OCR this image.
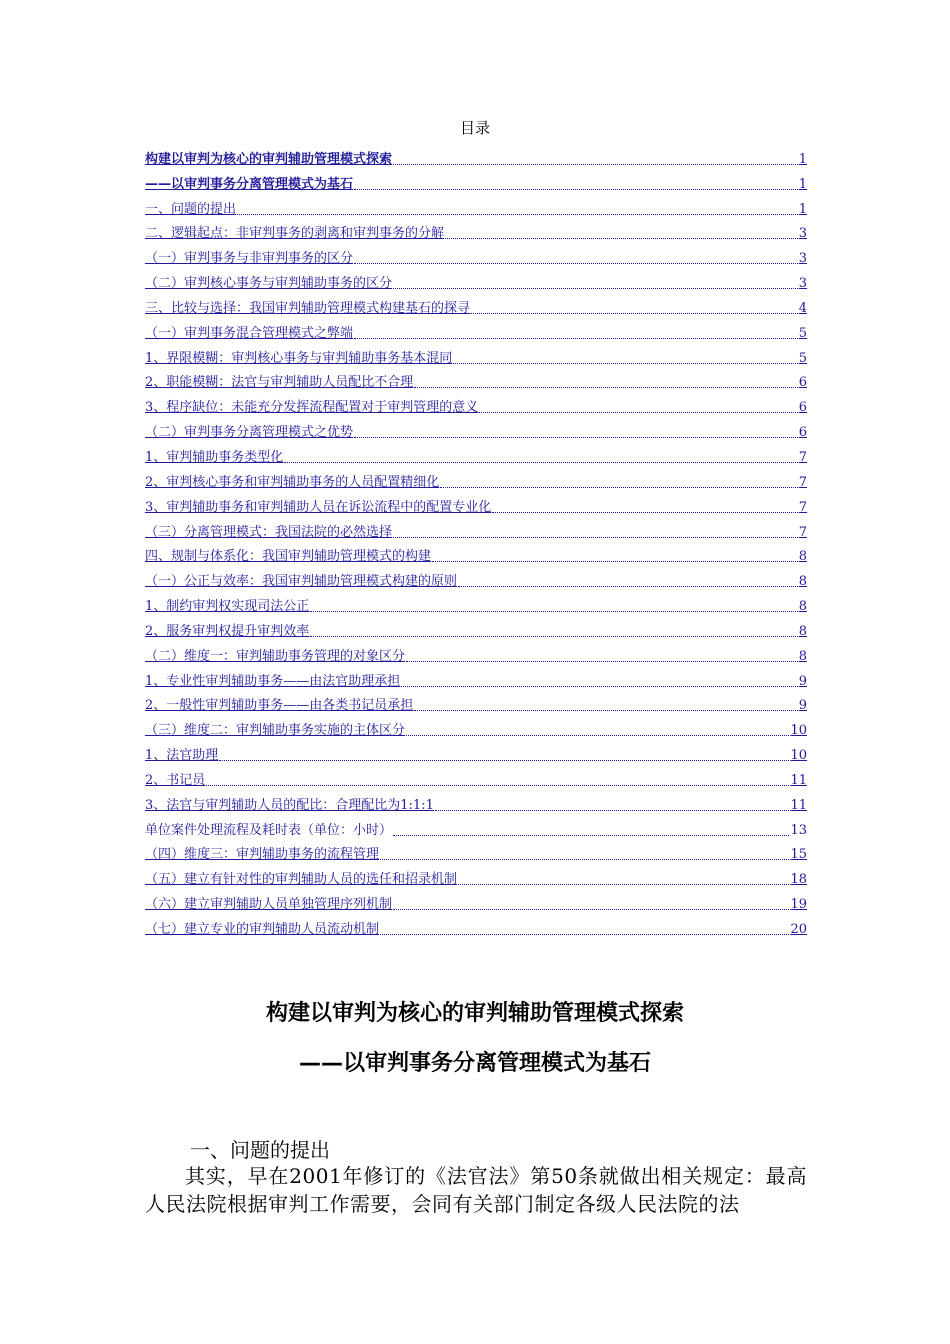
目录
构建以审判为核心的审判辅助管理模式探索	1
——以审判事务分离管理模式为基石	1
一、问题的提出	1
二、逻辑起点：非审判事务的剥离和审判事务的分解	3
（一）审判事务与非审判事务的区分	3
（二）审判核心事务与审判辅助事务的区分	3
三、比较与选择：我国审判辅助管理模式构建基石的探寻	4
（一）审判事务混合管理模式之弊端	5
1、界限模糊：审判核心事务与审判辅助事务基本混同	5
2、职能模糊：法官与审判辅助人员配比不合理	6
3、程序缺位：未能充分发挥流程配置对于审判管理的意义	6
（二）审判事务分离管理模式之优势	6
1、审判辅助事务类型化	7
2、审判核心事务和审判辅助事务的人员配置精细化	7
3、审判辅助事务和审判辅助人员在诉讼流程中的配置专业化	7
（三）分离管理模式：我国法院的必然选择	7
四、规制与体系化：我国审判辅助管理模式的构建	8
（一）公正与效率：我国审判辅助管理模式构建的原则	8
1、制约审判权实现司法公正	8
2、服务审判权提升审判效率	8
（二）维度一：审判辅助事务管理的对象区分	8
1、专业性审判辅助事务——由法官助理承担	9
2、一般性审判辅助事务——由各类书记员承担	9
（三）维度二：审判辅助事务实施的主体区分	10
1、法官助理	10
2、书记员	11
3、法官与审判辅助人员的配比：合理配比为1:1:1	11
单位案件处理流程及耗时表（单位：小时）	13
（四）维度三：审判辅助事务的流程管理	15
（五）建立有针对性的审判辅助人员的选任和招录机制	18
（六）建立审判辅助人员单独管理序列机制	19
（七）建立专业的审判辅助人员流动机制	20
构建以审判为核心的审判辅助管理模式探索
——以审判事务分离管理模式为基石
一、问题的提出
其实，早在2001年修订的《法官法》第50条就做出相关规定：最高人民法院根据审判工作需要，会同有关部门制定各级人民法院的法
